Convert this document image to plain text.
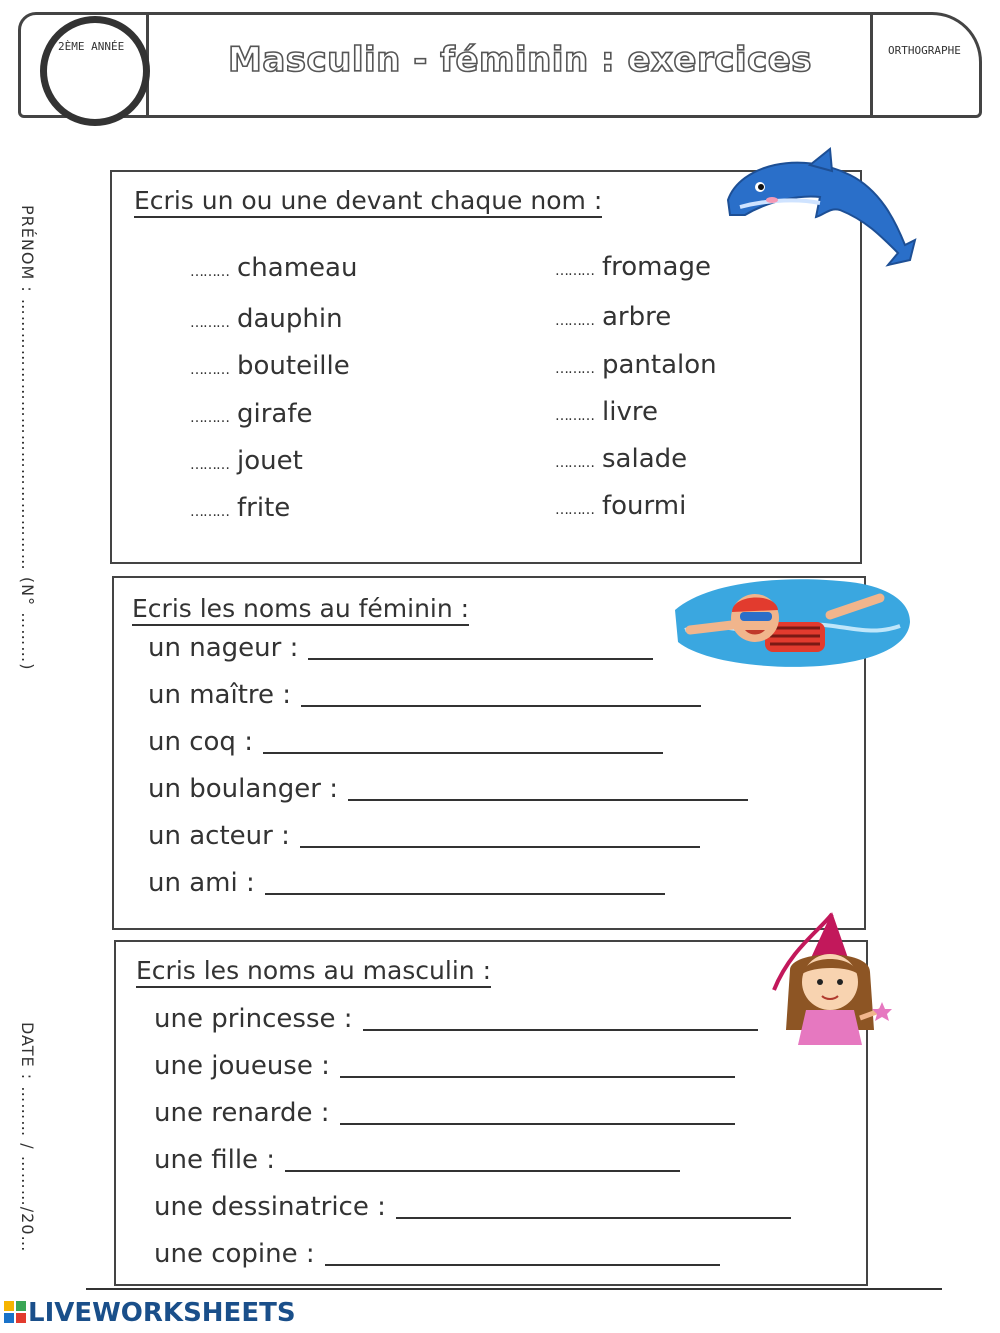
2ÈME ANNÉE	Masculin - féminin : exercices	ORTHOGRAPHE
PRÉNOM : ………………………………………… (N° ………)
DATE : ……… / ………/20…
Ecris un ou une devant chaque nom :
……… chameau
……… dauphin
……… bouteille
……… girafe
……… jouet
……… frite
……… fromage
……… arbre
……… pantalon
……… livre
……… salade
……… fourmi
Ecris les noms au féminin :
un nageur :
un maître :
un coq :
un boulanger :
un acteur :
un ami :
Ecris les noms au masculin :
une princesse :
une joueuse :
une renarde :
une fille :
une dessinatrice :
une copine :
LIVEWORKSHEETS
